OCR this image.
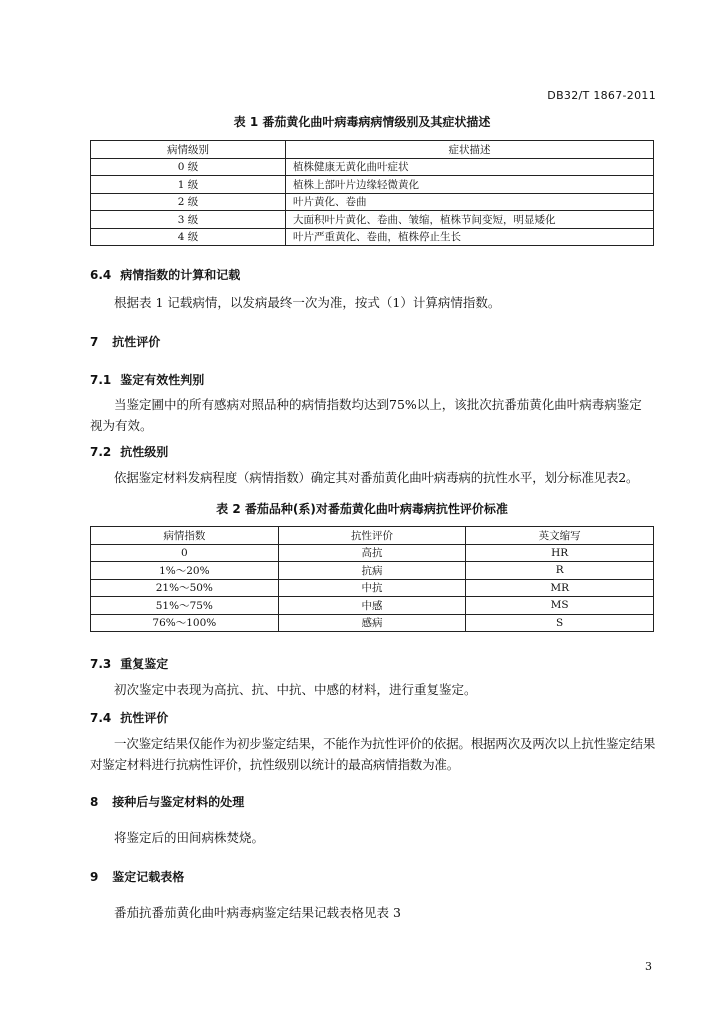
DB32/T 1867-2011
表 1 番茄黄化曲叶病毒病病情级别及其症状描述
病情级别	症状描述
0 级	植株健康无黄化曲叶症状
1 级	植株上部叶片边缘轻微黄化
2 级	叶片黄化、卷曲
3 级	大面积叶片黄化、卷曲、皱缩，植株节间变短，明显矮化
4 级	叶片严重黄化、卷曲，植株停止生长
6.4 病情指数的计算和记载
根据表 1 记载病情，以发病最终一次为准，按式（1）计算病情指数。
7 抗性评价
7.1 鉴定有效性判别
当鉴定圃中的所有感病对照品种的病情指数均达到75%以上，该批次抗番茄黄化曲叶病毒病鉴定视为有效。
7.2 抗性级别
依据鉴定材料发病程度（病情指数）确定其对番茄黄化曲叶病毒病的抗性水平，划分标准见表2。
表 2 番茄品种(系)对番茄黄化曲叶病毒病抗性评价标准
病情指数	抗性评价	英文缩写
0	高抗	HR
1%～20%	抗病	R
21%～50%	中抗	MR
51%～75%	中感	MS
76%～100%	感病	S
7.3 重复鉴定
初次鉴定中表现为高抗、抗、中抗、中感的材料，进行重复鉴定。
7.4 抗性评价
一次鉴定结果仅能作为初步鉴定结果，不能作为抗性评价的依据。根据两次及两次以上抗性鉴定结果对鉴定材料进行抗病性评价，抗性级别以统计的最高病情指数为准。
8 接种后与鉴定材料的处理
将鉴定后的田间病株焚烧。
9 鉴定记载表格
番茄抗番茄黄化曲叶病毒病鉴定结果记载表格见表 3
3
